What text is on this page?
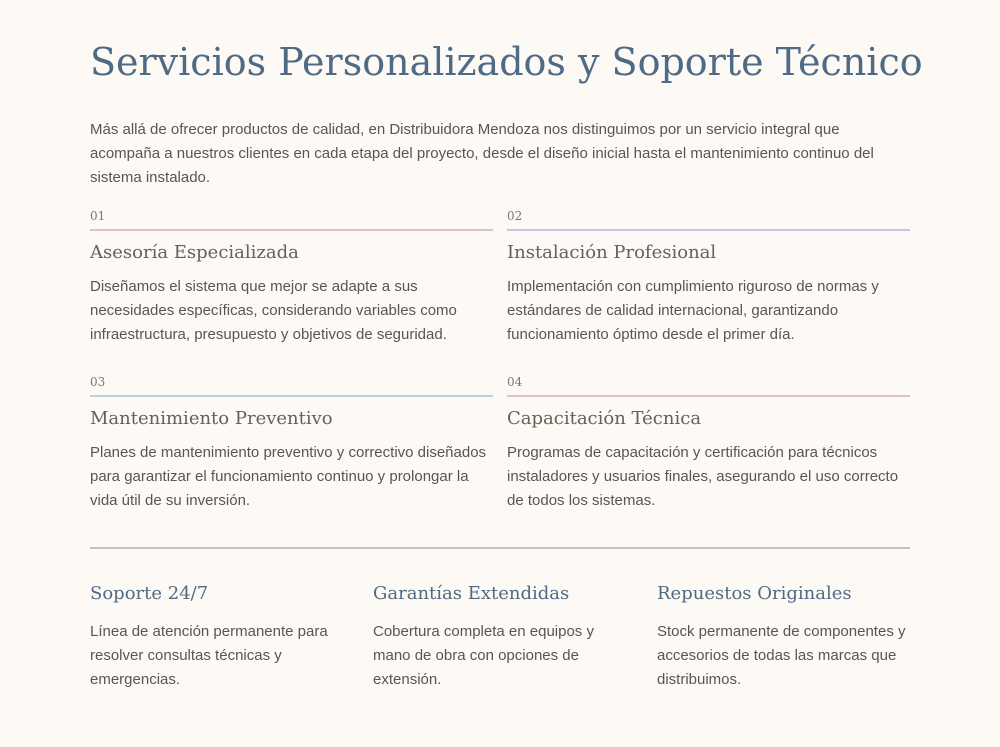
Servicios Personalizados y Soporte Técnico

Más allá de ofrecer productos de calidad, en Distribuidora Mendoza nos distinguimos por un servicio integral que acompaña a nuestros clientes en cada etapa del proyecto, desde el diseño inicial hasta el mantenimiento continuo del sistema instalado.

01
Asesoría Especializada

Diseñamos el sistema que mejor se adapte a sus necesidades específicas, considerando variables como infraestructura, presupuesto y objetivos de seguridad.

02
Instalación Profesional

Implementación con cumplimiento riguroso de normas y estándares de calidad internacional, garantizando funcionamiento óptimo desde el primer día.

03
Mantenimiento Preventivo

Planes de mantenimiento preventivo y correctivo diseñados para garantizar el funcionamiento continuo y prolongar la vida útil de su inversión.

04
Capacitación Técnica

Programas de capacitación y certificación para técnicos instaladores y usuarios finales, asegurando el uso correcto de todos los sistemas.

Soporte 24/7

Línea de atención permanente para resolver consultas técnicas y emergencias.

Garantías Extendidas

Cobertura completa en equipos y mano de obra con opciones de extensión.

Repuestos Originales

Stock permanente de componentes y accesorios de todas las marcas que distribuimos.
